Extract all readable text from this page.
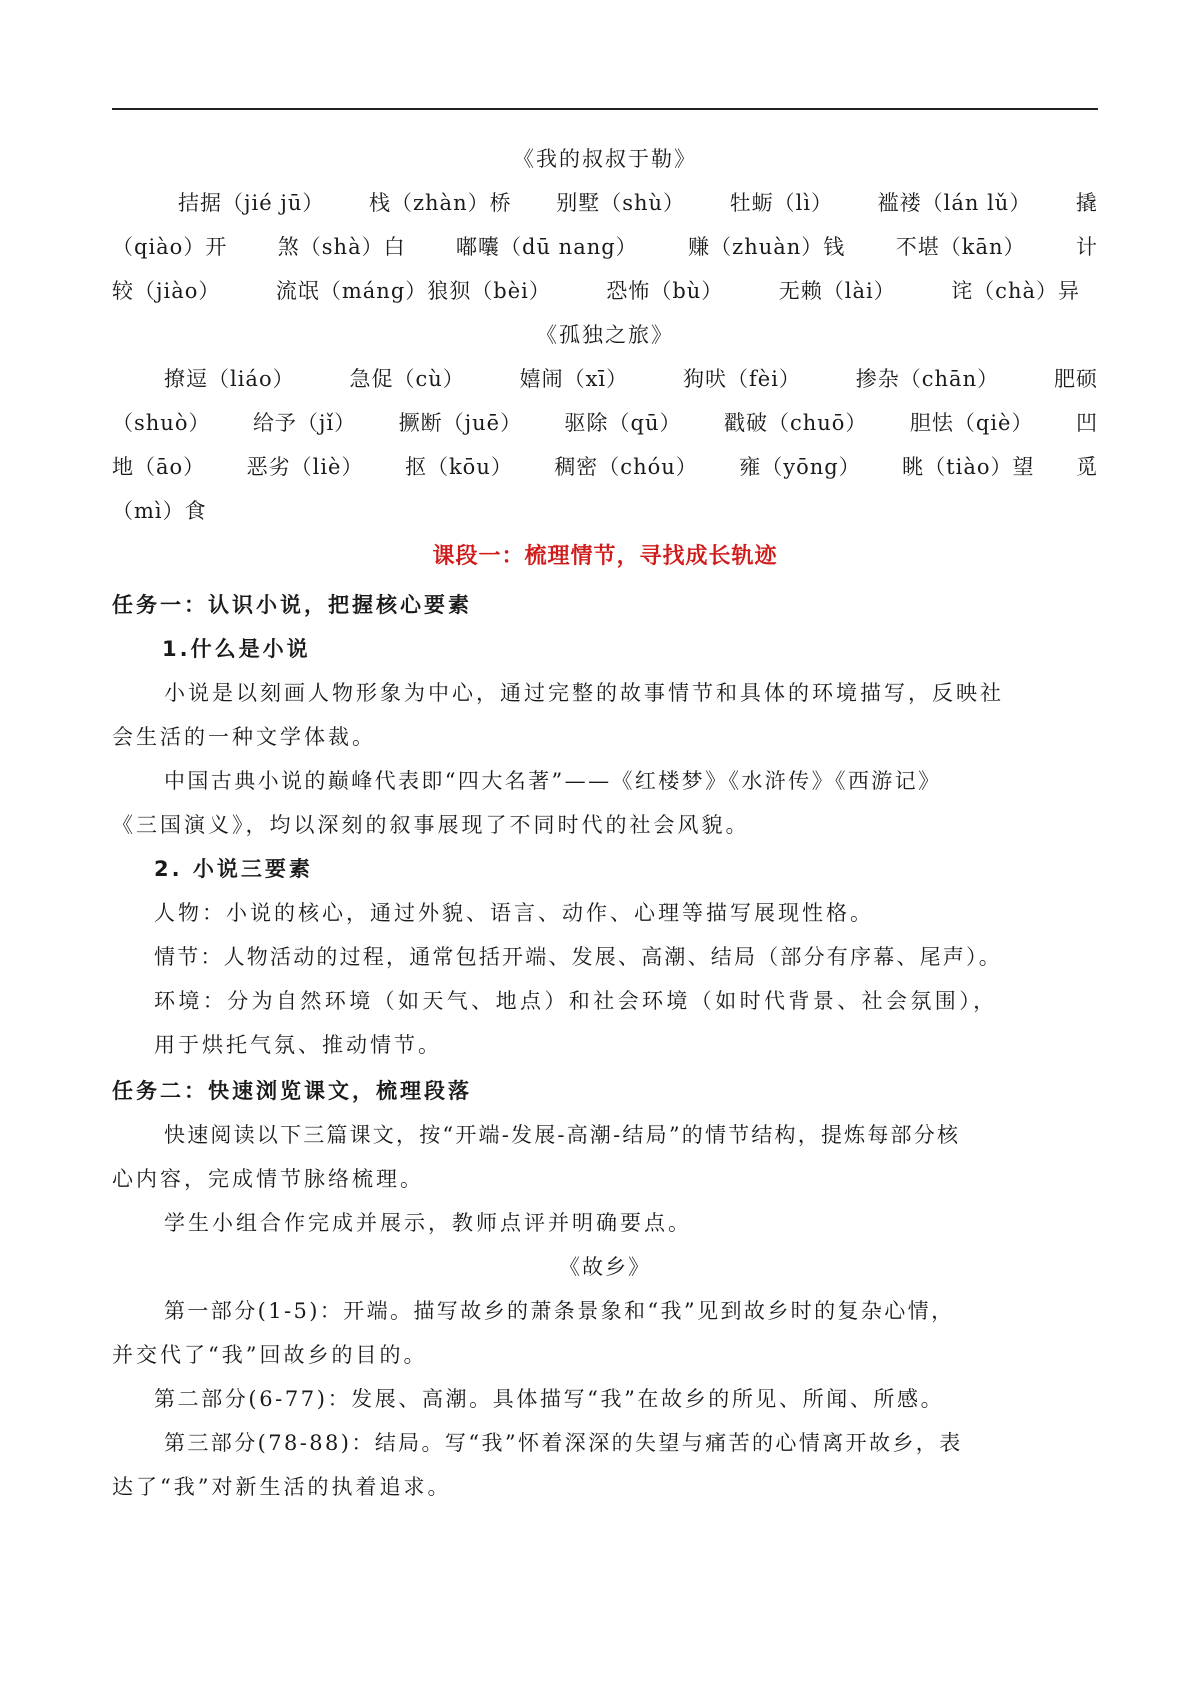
《我的叔叔于勒》
拮据（jié jū） 栈（zhàn）桥 别墅（shù） 牡蛎（lì） 褴褛（lán lǔ） 撬
（qiào）开 煞（shà）白 嘟囔（dū nang） 赚（zhuàn）钱 不堪（kān） 计
较（jiào）	流氓（máng）狼狈（bèi）	恐怖（bù）	无赖（lài）	诧（chà）异
《孤独之旅》
撩逗（liáo）	急促（cù）	嬉闹（xī）	狗吠（fèi）	掺杂（chān）	肥硕
（shuò） 给予（jǐ） 撅断（juē） 驱除（qū） 戳破（chuō） 胆怯（qiè） 凹
地（āo） 恶劣（liè） 抠（kōu） 稠密（chóu） 雍（yōng） 眺（tiào）望 觅
（mì）食
课段一：梳理情节，寻找成长轨迹
任务一：认识小说，把握核心要素
1.什么是小说
小说是以刻画人物形象为中心，通过完整的故事情节和具体的环境描写，反映社
会生活的一种文学体裁。
中国古典小说的巅峰代表即“四大名著”——《红楼梦》《水浒传》《西游记》
《三国演义》，均以深刻的叙事展现了不同时代的社会风貌。
2. 小说三要素
人物：小说的核心，通过外貌、语言、动作、心理等描写展现性格。
情节：人物活动的过程，通常包括开端、发展、高潮、结局（部分有序幕、尾声）。
环境：分为自然环境（如天气、地点）和社会环境（如时代背景、社会氛围），
用于烘托气氛、推动情节。
任务二：快速浏览课文，梳理段落
快速阅读以下三篇课文，按“开端-发展-高潮-结局”的情节结构，提炼每部分核
心内容，完成情节脉络梳理。
学生小组合作完成并展示，教师点评并明确要点。
《故乡》
第一部分(1-5)：开端。描写故乡的萧条景象和“我”见到故乡时的复杂心情，
并交代了“我”回故乡的目的。
第二部分(6-77)：发展、高潮。具体描写“我”在故乡的所见、所闻、所感。
第三部分(78-88)：结局。写“我”怀着深深的失望与痛苦的心情离开故乡，表
达了“我”对新生活的执着追求。
